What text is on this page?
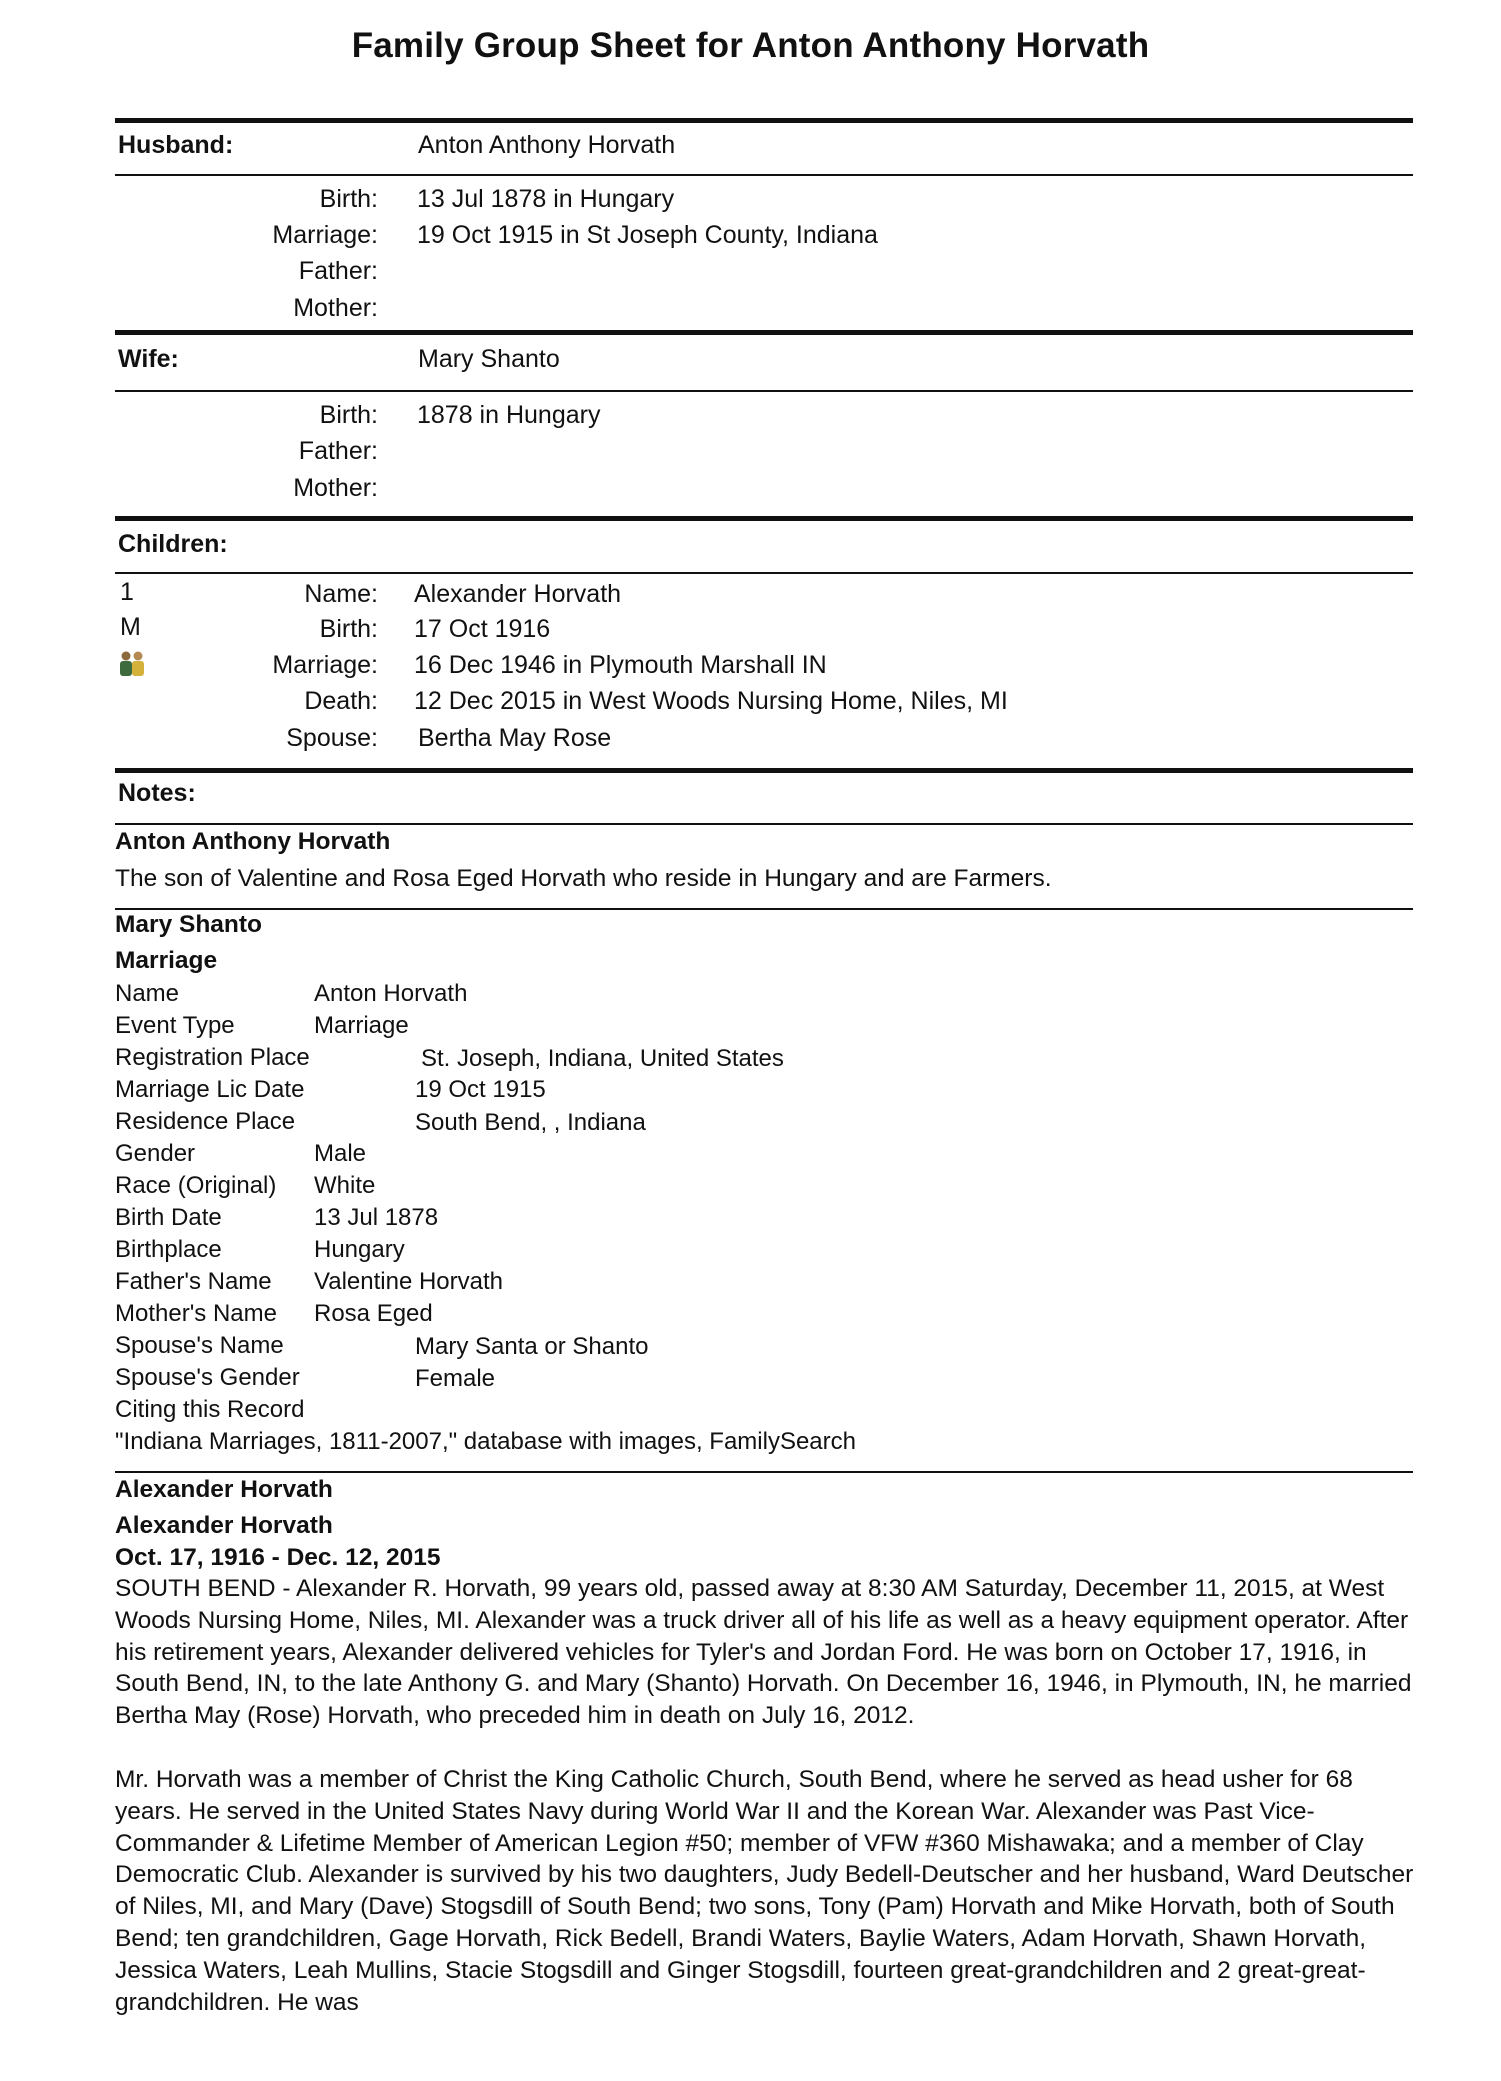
Family Group Sheet for Anton Anthony Horvath
Husband:	Anton Anthony Horvath
Birth: 13 Jul 1878 in Hungary
Marriage: 19 Oct 1915 in St Joseph County, Indiana
Father:
Mother:
Wife:	Mary Shanto
Birth: 1878 in Hungary
Father:
Mother:
Children:
1
M
Name: Alexander Horvath
Birth: 17 Oct 1916
Marriage: 16 Dec 1946 in Plymouth Marshall IN
Death: 12 Dec 2015 in West Woods Nursing Home, Niles, MI
Spouse: Bertha May Rose
Notes:
Anton Anthony Horvath
The son of Valentine and Rosa Eged Horvath who reside in Hungary and are Farmers.
Mary Shanto
Marriage
Name	Anton Horvath
Event Type	Marriage
Registration Place	St. Joseph, Indiana, United States
Marriage Lic Date	19 Oct 1915
Residence Place	South Bend, , Indiana
Gender	Male
Race (Original) White
Birth Date	13 Jul 1878
Birthplace	Hungary
Father's Name Valentine Horvath
Mother's Name Rosa Eged
Spouse's Name	Mary Santa or Shanto
Spouse's Gender	Female
Citing this Record
"Indiana Marriages, 1811-2007," database with images, FamilySearch
Alexander Horvath
Alexander Horvath
Oct. 17, 1916 - Dec. 12, 2015
SOUTH BEND - Alexander R. Horvath, 99 years old, passed away at 8:30 AM Saturday, December 11, 2015, at West Woods Nursing Home, Niles, MI. Alexander was a truck driver all of his life as well as a heavy equipment operator. After his retirement years, Alexander delivered vehicles for Tyler's and Jordan Ford. He was born on October 17, 1916, in South Bend, IN, to the late Anthony G. and Mary (Shanto) Horvath. On December 16, 1946, in Plymouth, IN, he married Bertha May (Rose) Horvath, who preceded him in death on July 16, 2012.
Mr. Horvath was a member of Christ the King Catholic Church, South Bend, where he served as head usher for 68 years. He served in the United States Navy during World War II and the Korean War. Alexander was Past Vice-Commander & Lifetime Member of American Legion #50; member of VFW #360 Mishawaka; and a member of Clay Democratic Club. Alexander is survived by his two daughters, Judy Bedell-Deutscher and her husband, Ward Deutscher of Niles, MI, and Mary (Dave) Stogsdill of South Bend; two sons, Tony (Pam) Horvath and Mike Horvath, both of South Bend; ten grandchildren, Gage Horvath, Rick Bedell, Brandi Waters, Baylie Waters, Adam Horvath, Shawn Horvath, Jessica Waters, Leah Mullins, Stacie Stogsdill and Ginger Stogsdill, fourteen great-grandchildren and 2 great-great-grandchildren. He was
